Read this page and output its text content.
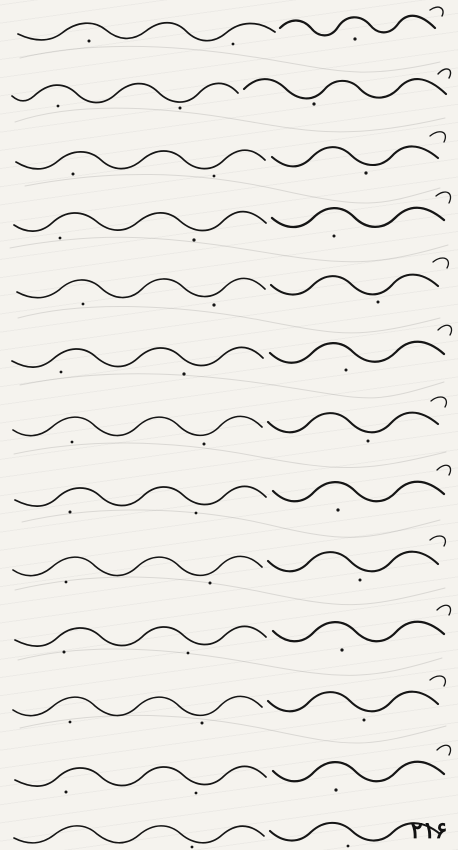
۲۱۶
